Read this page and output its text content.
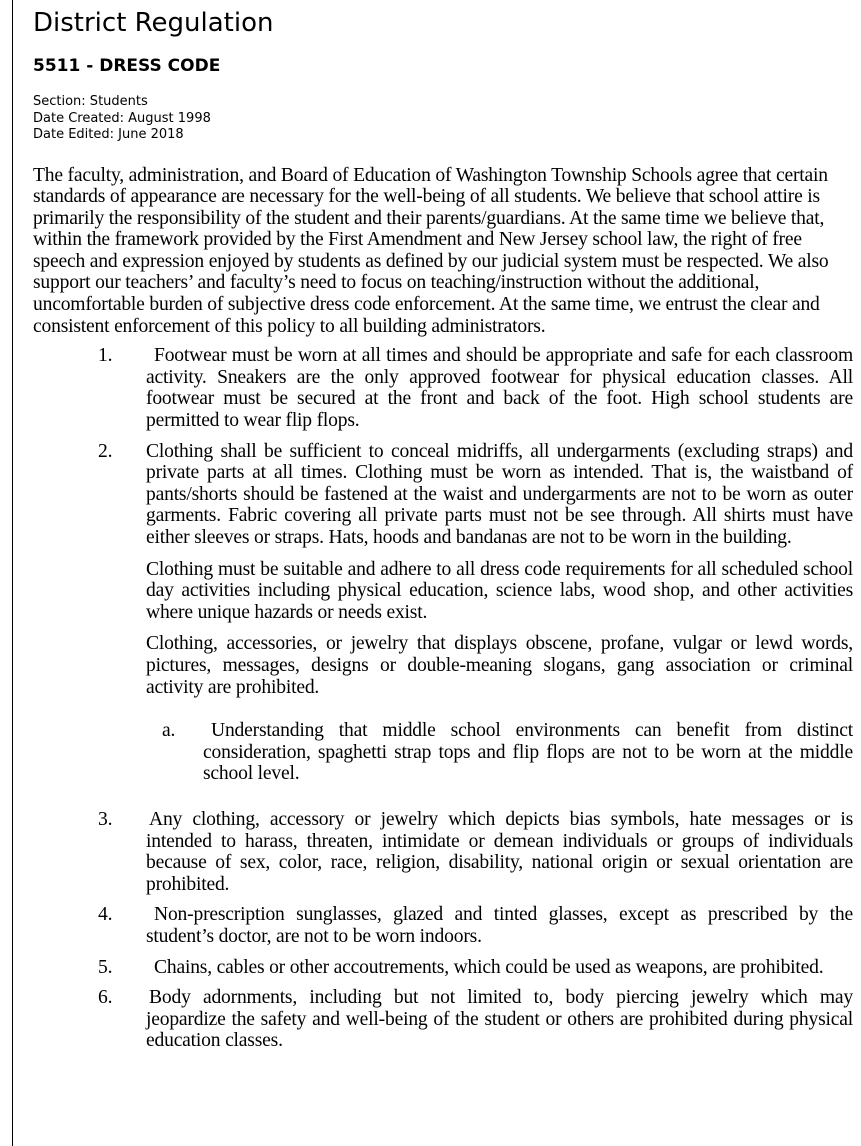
District Regulation
5511 - DRESS CODE
Section: Students
Date Created: August 1998
Date Edited: June 2018

The faculty, administration, and Board of Education of Washington Township Schools agree that certain standards of appearance are necessary for the well-being of all students. We believe that school attire is primarily the responsibility of the student and their parents/guardians. At the same time we believe that, within the framework provided by the First Amendment and New Jersey school law, the right of free speech and expression enjoyed by students as defined by our judicial system must be respected. We also support our teachers’ and faculty’s need to focus on teaching/instruction without the additional, uncomfortable burden of subjective dress code enforcement. At the same time, we entrust the clear and consistent enforcement of this policy to all building administrators.

1.	Footwear must be worn at all times and should be appropriate and safe for each classroom activity. Sneakers are the only approved footwear for physical education classes. All footwear must be secured at the front and back of the foot. High school students are permitted to wear flip flops.
2. Clothing shall be sufficient to conceal midriffs, all undergarments (excluding straps) and private parts at all times. Clothing must be worn as intended. That is, the waistband of pants/shorts should be fastened at the waist and undergarments are not to be worn as outer garments. Fabric covering all private parts must not be see through. All shirts must have either sleeves or straps. Hats, hoods and bandanas are not to be worn in the building.
Clothing must be suitable and adhere to all dress code requirements for all scheduled school day activities including physical education, science labs, wood shop, and other activities where unique hazards or needs exist.
Clothing, accessories, or jewelry that displays obscene, profane, vulgar or lewd words, pictures, messages, designs or double-meaning slogans, gang association or criminal activity are prohibited.
a.	Understanding that middle school environments can benefit from distinct consideration, spaghetti strap tops and flip flops are not to be worn at the middle school level.
3. Any clothing, accessory or jewelry which depicts bias symbols, hate messages or is intended to harass, threaten, intimidate or demean individuals or groups of individuals because of sex, color, race, religion, disability, national origin or sexual orientation are prohibited.
4.	Non-prescription sunglasses, glazed and tinted glasses, except as prescribed by the student’s doctor, are not to be worn indoors.
5.	Chains, cables or other accoutrements, which could be used as weapons, are prohibited.
6. Body adornments, including but not limited to, body piercing jewelry which may jeopardize the safety and well-being of the student or others are prohibited during physical education classes.
